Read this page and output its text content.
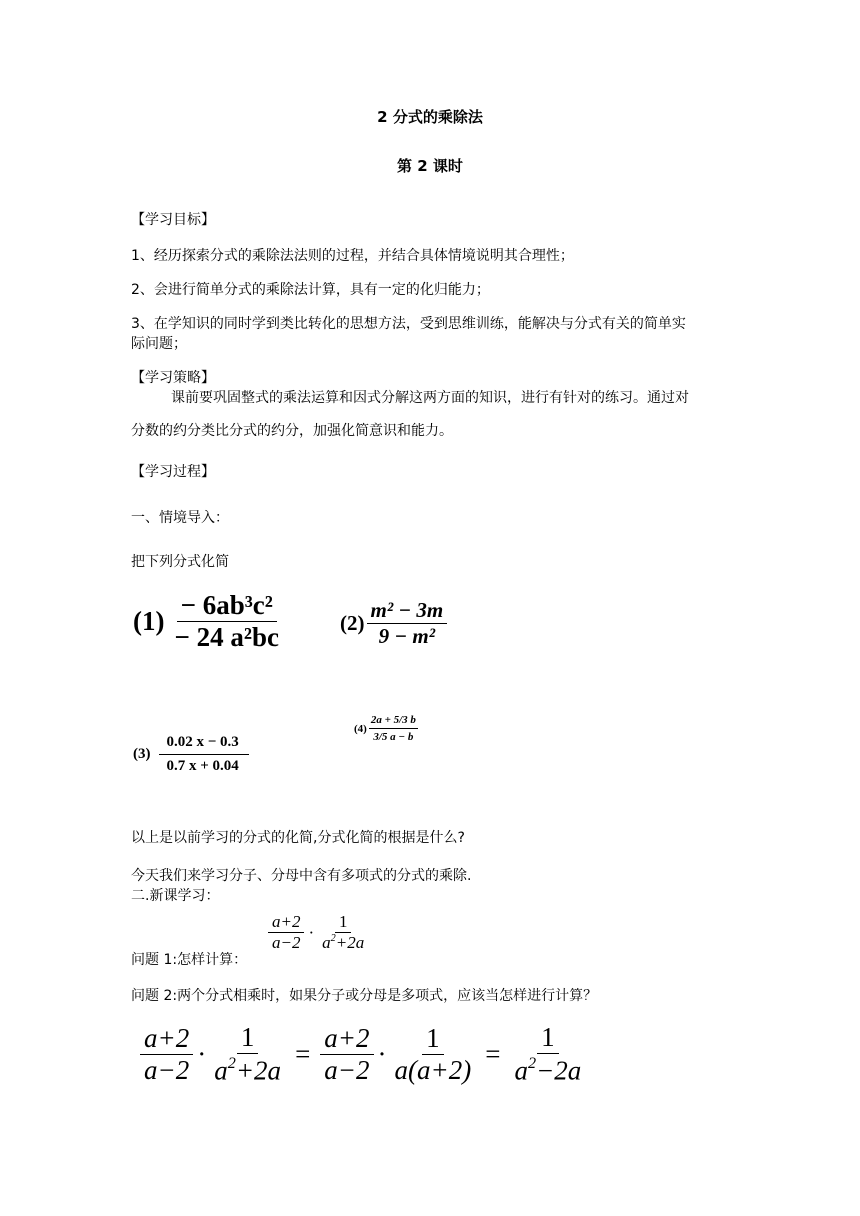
2 分式的乘除法
第 2 课时
【学习目标】
1、经历探索分式的乘除法法则的过程，并结合具体情境说明其合理性；
2、会进行简单分式的乘除法计算，具有一定的化归能力；
3、在学知识的同时学到类比转化的思想方法，受到思维训练，能解决与分式有关的简单实
际问题；
【学习策略】
课前要巩固整式的乘法运算和因式分解这两方面的知识，进行有针对的练习。通过对
分数的约分类比分式的约分，加强化简意识和能力。
【学习过程】
一、情境导入：
把下列分式化简
$(1) \frac{\text{− 6ab³c²}}{\text{− 24 a²bc}}$	$(2) \frac{\text{m² − 3m}}{\text{9 − m²}}$
$(3) \frac{0.02 x - 0.3}{0.7 x + 0.04}$
$(4) \frac{2a + 5/3 b}{3/5 a - b}$
以上是以前学习的分式的化简,分式化简的根据是什么?
今天我们来学习分子、分母中含有多项式的分式的乘除.
二.新课学习：
问题 1:怎样计算：
$\frac{a+2}{a-2} \cdot \frac{1}{a^2+2a}$
问题 2:两个分式相乘时，如果分子或分母是多项式，应该当怎样进行计算？
$\frac{a+2}{a-2} \cdot \frac{1}{a^2+2a} = \frac{a+2}{a-2} \cdot \frac{1}{a(a+2)} = \frac{1}{a^2-2a}$
